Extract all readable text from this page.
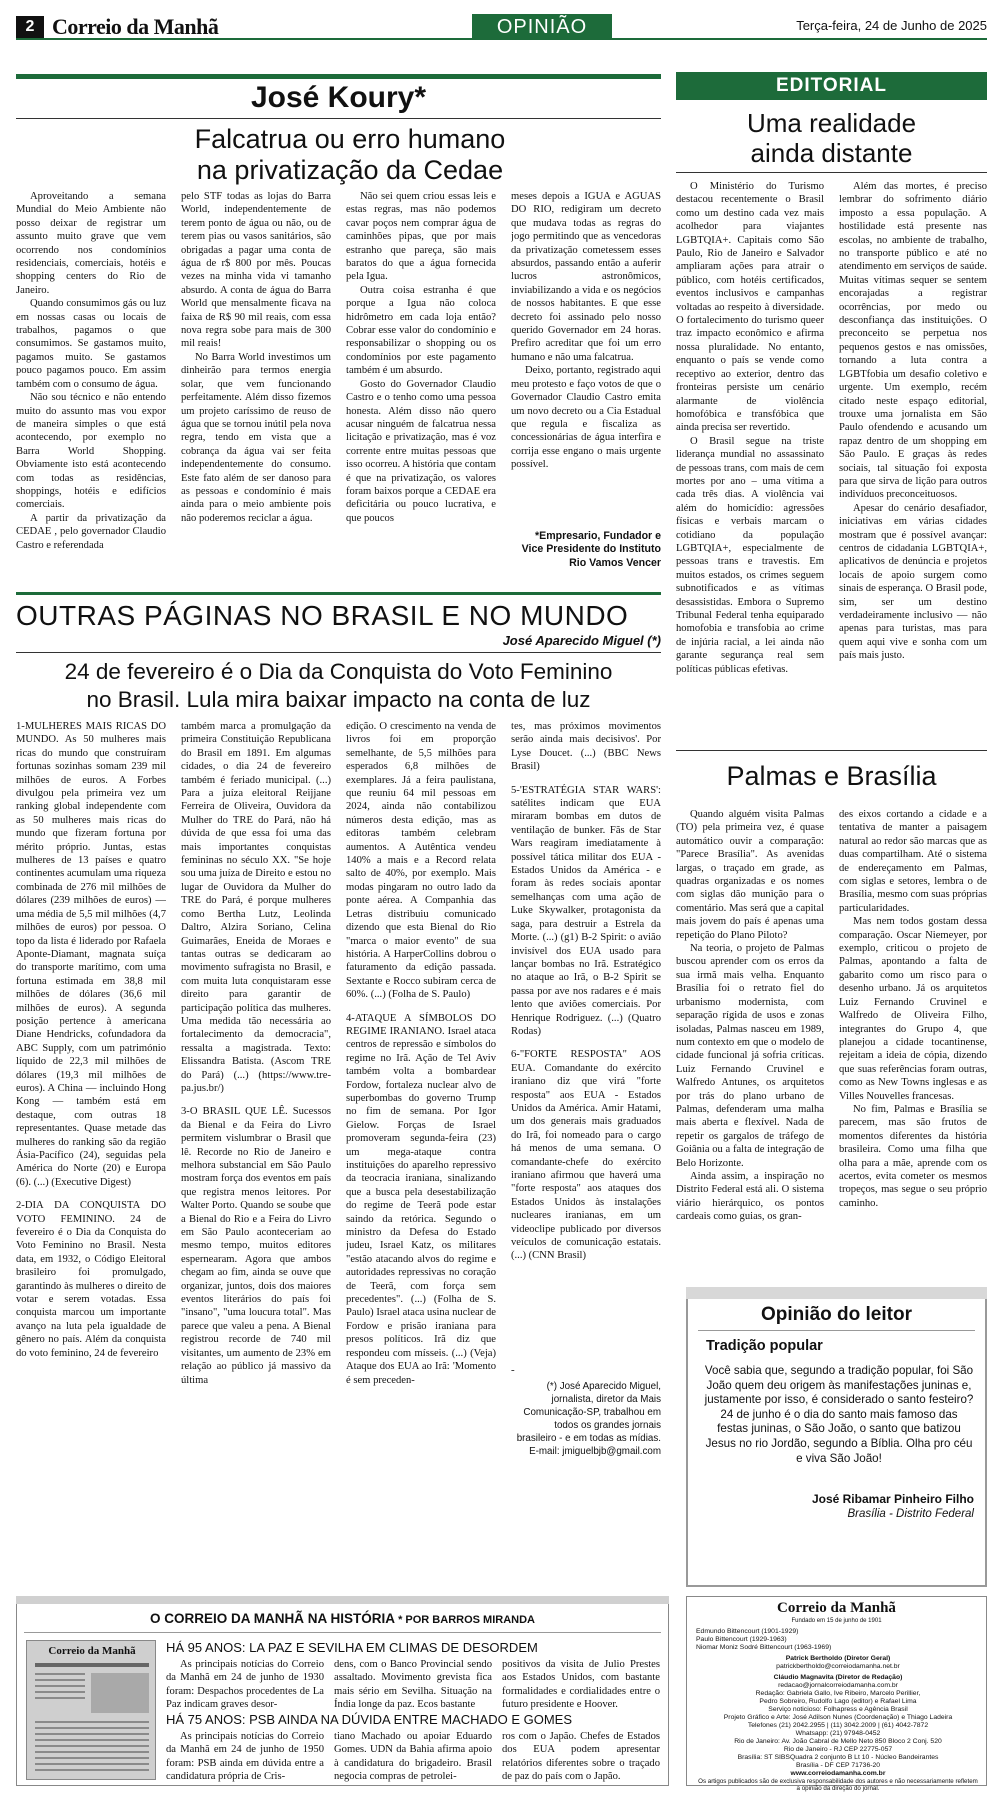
2 Correio da Manhã	OPINIÃO	Terça-feira, 24 de Junho de 2025
José Koury*
Falcatrua ou erro humano
na privatização da Cedae

Aproveitando a semana Mundial do Meio Ambiente não posso deixar de registrar um assunto muito grave que vem ocorrendo nos condomínios residenciais, comerciais, hotéis e shopping centers do Rio de Janeiro.

Quando consumimos gás ou luz em nossas casas ou locais de trabalhos, pagamos o que consumimos. Se gastamos muito, pagamos muito. Se gastamos pouco pagamos pouco. Em assim também com o consumo de água.

Não sou técnico e não entendo muito do assunto mas vou expor de maneira simples o que está acontecendo, por exemplo no Barra World Shopping. Obviamente isto está acontecendo com todas as residências, shoppings, hotéis e edifícios comerciais.

A partir da privatização da CEDAE , pelo governador Claudio Castro e referendada

pelo STF todas as lojas do Barra World, independentemente de terem ponto de água ou não, ou de terem pias ou vasos sanitários, são obrigadas a pagar uma conta de água de r$ 800 por mês. Poucas vezes na minha vida vi tamanho absurdo. A conta de água do Barra World que mensalmente ficava na faixa de R$ 90 mil reais, com essa nova regra sobe para mais de 300 mil reais!

No Barra World investimos um dinheirão para termos energia solar, que vem funcionando perfeitamente. Além disso fizemos um projeto caríssimo de reuso de água que se tornou inútil pela nova regra, tendo em vista que a cobrança da água vai ser feita independentemente do consumo. Este fato além de ser danoso para as pessoas e condomínio é mais ainda para o meio ambiente pois não poderemos reciclar a água.

Não sei quem criou essas leis e estas regras, mas não podemos cavar poços nem comprar água de caminhões pipas, que por mais estranho que pareça, são mais baratos do que a água fornecida pela Igua.

Outra coisa estranha é que porque a Igua não coloca hidrômetro em cada loja então? Cobrar esse valor do condomínio e responsabilizar o shopping ou os condomínios por este pagamento também é um absurdo.

Gosto do Governador Claudio Castro e o tenho como uma pessoa honesta. Além disso não quero acusar ninguém de falcatrua nessa licitação e privatização, mas é voz corrente entre muitas pessoas que isso ocorreu. A história que contam é que na privatização, os valores foram baixos porque a CEDAE era deficitária ou pouco lucrativa, e que poucos

meses depois a IGUA e AGUAS DO RIO, redigiram um decreto que mudava todas as regras do jogo permitindo que as vencedoras da privatização cometessem esses absurdos, passando então a auferir lucros astronômicos, inviabilizando a vida e os negócios de nossos habitantes. E que esse decreto foi assinado pelo nosso querido Governador em 24 horas. Prefiro acreditar que foi um erro humano e não uma falcatrua.

Deixo, portanto, registrado aqui meu protesto e faço votos de que o Governador Claudio Castro emita um novo decreto ou a Cia Estadual que regula e fiscaliza as concessionárias de água interfira e corrija esse engano o mais urgente possível.

*Empresario, Fundador e Vice Presidente do Instituto Rio Vamos Vencer
EDITORIAL
Uma realidade
ainda distante

O Ministério do Turismo destacou recentemente o Brasil como um destino cada vez mais acolhedor para viajantes LGBTQIA+. Capitais como São Paulo, Rio de Janeiro e Salvador ampliaram ações para atrair o público, com hotéis certificados, eventos inclusivos e campanhas voltadas ao respeito à diversidade. O fortalecimento do turismo queer traz impacto econômico e afirma nossa pluralidade. No entanto, enquanto o país se vende como receptivo ao exterior, dentro das fronteiras persiste um cenário alarmante de violência homofóbica e transfóbica que ainda precisa ser revertido.

O Brasil segue na triste liderança mundial no assassinato de pessoas trans, com mais de cem mortes por ano – uma vítima a cada três dias. A violência vai além do homicídio: agressões físicas e verbais marcam o cotidiano da população LGBTQIA+, especialmente de pessoas trans e travestis. Em muitos estados, os crimes seguem subnotificados e as vítimas desassistidas. Embora o Supremo Tribunal Federal tenha equiparado homofobia e transfobia ao crime de injúria racial, a lei ainda não garante segurança real sem políticas públicas efetivas.

Além das mortes, é preciso lembrar do sofrimento diário imposto a essa população. A hostilidade está presente nas escolas, no ambiente de trabalho, no transporte público e até no atendimento em serviços de saúde. Muitas vítimas sequer se sentem encorajadas a registrar ocorrências, por medo ou desconfiança das instituições. O preconceito se perpetua nos pequenos gestos e nas omissões, tornando a luta contra a LGBTfobia um desafio coletivo e urgente. Um exemplo, recém citado neste espaço editorial, trouxe uma jornalista em São Paulo ofendendo e acusando um rapaz dentro de um shopping em São Paulo. E graças às redes sociais, tal situação foi exposta para que sirva de lição para outros indivíduos preconceituosos.

Apesar do cenário desafiador, iniciativas em várias cidades mostram que é possível avançar: centros de cidadania LGBTQIA+, aplicativos de denúncia e projetos locais de apoio surgem como sinais de esperança. O Brasil pode, sim, ser um destino verdadeiramente inclusivo — não apenas para turistas, mas para quem aqui vive e sonha com um país mais justo.

OUTRAS PÁGINAS NO BRASIL E NO MUNDO
José Aparecido Miguel (*)
24 de fevereiro é o Dia da Conquista do Voto Feminino
no Brasil. Lula mira baixar impacto na conta de luz

1-MULHERES MAIS RICAS DO MUNDO. As 50 mulheres mais ricas do mundo que construíram fortunas sozinhas somam 239 mil milhões de euros. A Forbes divulgou pela primeira vez um ranking global independente com as 50 mulheres mais ricas do mundo que fizeram fortuna por mérito próprio. Juntas, estas mulheres de 13 países e quatro continentes acumulam uma riqueza combinada de 276 mil milhões de dólares (239 milhões de euros) — uma média de 5,5 mil milhões (4,7 milhões de euros) por pessoa. O topo da lista é liderado por Rafaela Aponte-Diamant, magnata suíça do transporte marítimo, com uma fortuna estimada em 38,8 mil milhões de dólares (36,6 mil milhões de euros). A segunda posição pertence à americana Diane Hendricks, cofundadora da ABC Supply, com um património líquido de 22,3 mil milhões de dólares (19,3 mil milhões de euros). A China — incluindo Hong Kong — também está em destaque, com outras 18 representantes. Quase metade das mulheres do ranking são da região Ásia-Pacífico (24), seguidas pela América do Norte (20) e Europa (6). (...) (Executive Digest)

2-DIA DA CONQUISTA DO VOTO FEMININO. 24 de fevereiro é o Dia da Conquista do Voto Feminino no Brasil. Nesta data, em 1932, o Código Eleitoral brasileiro foi promulgado, garantindo às mulheres o direito de votar e serem votadas. Essa conquista marcou um importante avanço na luta pela igualdade de gênero no país. Além da conquista do voto feminino, 24 de fevereiro

também marca a promulgação da primeira Constituição Republicana do Brasil em 1891. Em algumas cidades, o dia 24 de fevereiro também é feriado municipal. (...) Para a juíza eleitoral Reijjane Ferreira de Oliveira, Ouvidora da Mulher do TRE do Pará, não há dúvida de que essa foi uma das mais importantes conquistas femininas no século XX. "Se hoje sou uma juíza de Direito e estou no lugar de Ouvidora da Mulher do TRE do Pará, é porque mulheres como Bertha Lutz, Leolinda Daltro, Alzira Soriano, Celina Guimarães, Eneida de Moraes e tantas outras se dedicaram ao movimento sufragista no Brasil, e com muita luta conquistaram esse direito para garantir de participação política das mulheres. Uma medida tão necessária ao fortalecimento da democracia", ressalta a magistrada. Texto: Elissandra Batista. (Ascom TRE do Pará) (...) (https://www.tre-pa.jus.br/)

3-O BRASIL QUE LÊ. Sucessos da Bienal e da Feira do Livro permitem vislumbrar o Brasil que lê. Recorde no Rio de Janeiro e melhora substancial em São Paulo mostram força dos eventos em país que registra menos leitores. Por Walter Porto. Quando se soube que a Bienal do Rio e a Feira do Livro em São Paulo aconteceriam ao mesmo tempo, muitos editores espernearam. Agora que ambos chegam ao fim, ainda se ouve que organizar, juntos, dois dos maiores eventos literários do país foi "insano", "uma loucura total". Mas parece que valeu a pena. A Bienal registrou recorde de 740 mil visitantes, um aumento de 23% em relação ao público já massivo da última

edição. O crescimento na venda de livros foi em proporção semelhante, de 5,5 milhões para esperados 6,8 milhões de exemplares. Já a feira paulistana, que reuniu 64 mil pessoas em 2024, ainda não contabilizou números desta edição, mas as editoras também celebram aumentos. A Autêntica vendeu 140% a mais e a Record relata salto de 40%, por exemplo. Mais modas pingaram no outro lado da ponte aérea. A Companhia das Letras distribuiu comunicado dizendo que esta Bienal do Rio "marca o maior evento" de sua história. A HarperCollins dobrou o faturamento da edição passada. Sextante e Rocco subiram cerca de 60%. (...) (Folha de S. Paulo)

4-ATAQUE A SÍMBOLOS DO REGIME IRANIANO. Israel ataca centros de repressão e símbolos do regime no Irã. Ação de Tel Aviv também volta a bombardear Fordow, fortaleza nuclear alvo de superbombas do governo Trump no fim de semana. Por Igor Gielow. Forças de Israel promoveram segunda-feira (23) um mega-ataque contra instituições do aparelho repressivo da teocracia iraniana, sinalizando que a busca pela desestabilização do regime de Teerã pode estar saindo da retórica. Segundo o ministro da Defesa do Estado judeu, Israel Katz, os militares "estão atacando alvos do regime e autoridades repressivas no coração de Teerã, com força sem precedentes". (...) (Folha de S. Paulo) Israel ataca usina nuclear de Fordow e prisão iraniana para presos políticos. Irã diz que respondeu com mísseis. (...) (Veja) Ataque dos EUA ao Irã: 'Momento é sem preceden-

tes, mas próximos movimentos serão ainda mais decisivos'. Por Lyse Doucet. (...) (BBC News Brasil)

5-'ESTRATÉGIA STAR WARS': satélites indicam que EUA miraram bombas em dutos de ventilação de bunker. Fãs de Star Wars reagiram imediatamente à possível tática militar dos EUA - Estados Unidos da América - e foram às redes sociais apontar semelhanças com uma ação de Luke Skywalker, protagonista da saga, para destruir a Estrela da Morte. (...) (g1) B-2 Spirit: o avião invisível dos EUA usado para lançar bombas no Irã. Estratégico no ataque ao Irã, o B-2 Spirit se passa por ave nos radares e é mais lento que aviões comerciais. Por Henrique Rodriguez. (...) (Quatro Rodas)

6-"FORTE RESPOSTA" AOS EUA. Comandante do exército iraniano diz que virá "forte resposta" aos EUA - Estados Unidos da América. Amir Hatami, um dos generais mais graduados do Irã, foi nomeado para o cargo há menos de uma semana. O comandante-chefe do exército iraniano afirmou que haverá uma "forte resposta" aos ataques dos Estados Unidos às instalações nucleares iranianas, em um videoclipe publicado por diversos veículos de comunicação estatais. (...) (CNN Brasil)

-
(*) José Aparecido Miguel, jornalista, diretor da Mais Comunicação-SP, trabalhou em todos os grandes jornais brasileiro - e em todas as mídias. E-mail: jmiguelbjb@gmail.com
Palmas e Brasília

Quando alguém visita Palmas (TO) pela primeira vez, é quase automático ouvir a comparação: "Parece Brasília". As avenidas largas, o traçado em grade, as quadras organizadas e os nomes com siglas dão munição para o comentário. Mas será que a capital mais jovem do país é apenas uma repetição do Plano Piloto?

Na teoria, o projeto de Palmas buscou aprender com os erros da sua irmã mais velha. Enquanto Brasília foi o retrato fiel do urbanismo modernista, com separação rígida de usos e zonas isoladas, Palmas nasceu em 1989, num contexto em que o modelo de cidade funcional já sofria críticas. Luiz Fernando Cruvinel e Walfredo Antunes, os arquitetos por trás do plano urbano de Palmas, defenderam uma malha mais aberta e flexível. Nada de repetir os gargalos de tráfego de Goiânia ou a falta de integração de Belo Horizonte.

Ainda assim, a inspiração no Distrito Federal está ali. O sistema viário hierárquico, os pontos cardeais como guias, os gran-

des eixos cortando a cidade e a tentativa de manter a paisagem natural ao redor são marcas que as duas compartilham. Até o sistema de endereçamento em Palmas, com siglas e setores, lembra o de Brasília, mesmo com suas próprias particularidades.

Mas nem todos gostam dessa comparação. Oscar Niemeyer, por exemplo, criticou o projeto de Palmas, apontando a falta de gabarito como um risco para o desenho urbano. Já os arquitetos Luiz Fernando Cruvinel e Walfredo de Oliveira Filho, integrantes do Grupo 4, que planejou a cidade tocantinense, rejeitam a ideia de cópia, dizendo que suas referências foram outras, como as New Towns inglesas e as Villes Nouvelles francesas.

No fim, Palmas e Brasília se parecem, mas são frutos de momentos diferentes da história brasileira. Como uma filha que olha para a mãe, aprende com os acertos, evita cometer os mesmos tropeços, mas segue o seu próprio caminho.

Opinião do leitor
Tradição popular
Você sabia que, segundo a tradição popular, foi São João quem deu origem às manifestações juninas e, justamente por isso, é considerado o santo festeiro? 24 de junho é o dia do santo mais famoso das festas juninas, o São João, o santo que batizou Jesus no rio Jordão, segundo a Bíblia. Olha pro céu e viva São João!
José Ribamar Pinheiro Filho
Brasília - Distrito Federal
O CORREIO DA MANHÃ NA HISTÓRIA * POR BARROS MIRANDA
Correio da Manhã	HÁ 95 ANOS: LA PAZ E SEVILHA EM CLIMAS DE DESORDEM

As principais notícias do Correio da Manhã em 24 de junho de 1930 foram: Despachos procedentes de La Paz indicam graves desor-

dens, com o Banco Provincial sendo assaltado. Movimento grevista fica mais sério em Sevilha. Situação na Índia longe da paz. Ecos bastante

positivos da visita de Julio Prestes aos Estados Unidos, com bastante formalidades e cordialidades entre o futuro presidente e Hoover.

HÁ 75 ANOS: PSB AINDA NA DÚVIDA ENTRE MACHADO E GOMES

As principais notícias do Correio da Manhã em 24 de junho de 1950 foram: PSB ainda em dúvida entre a candidatura própria de Cris-

tiano Machado ou apoiar Eduardo Gomes. UDN da Bahia afirma apoio à candidatura do brigadeiro. Brasil negocia compras de petrolei-

ros com o Japão. Chefes de Estados dos EUA podem apresentar relatórios diferentes sobre o traçado de paz do país com o Japão.

Correio da Manhã
Fundado em 15 de junho de 1901
Edmundo Bittencourt (1901-1929)
Paulo Bittencourt (1929-1963)
Niomar Moniz Sodré Bittencourt (1963-1969)
Patrick Bertholdo (Diretor Geral)
patrickbertholdo@correiodamanha.net.br
Cláudio Magnavita (Diretor de Redação)
redacao@jornalcorreiodamanha.com.br
Redação: Gabriela Gallo, Ive Ribeiro, Marcelo Perillier,
Pedro Sobreiro, Rudolfo Lago (editor) e Rafael Lima
Serviço noticioso: Folhapress e Agência Brasil
Projeto Gráfico e Arte: José Adilson Nunes (Coordenação) e Thiago Ladeira
Telefones (21) 2042.2955 | (11) 3042.2009 | (61) 4042-7872
Whatsapp: (21) 97948-0452
Rio de Janeiro: Av. João Cabral de Mello Neto 850 Bloco 2 Conj. 520
Rio de Janeiro - RJ CEP 22775-057
Brasília: ST SIBSQuadra 2 conjunto B Lt 10 - Núcleo Bandeirantes
Brasília - DF CEP 71736-20
www.correiodamanha.com.br
Os artigos publicados são de exclusiva responsabilidade dos autores e não necessariamente refletem a opinião da direção do jornal.
